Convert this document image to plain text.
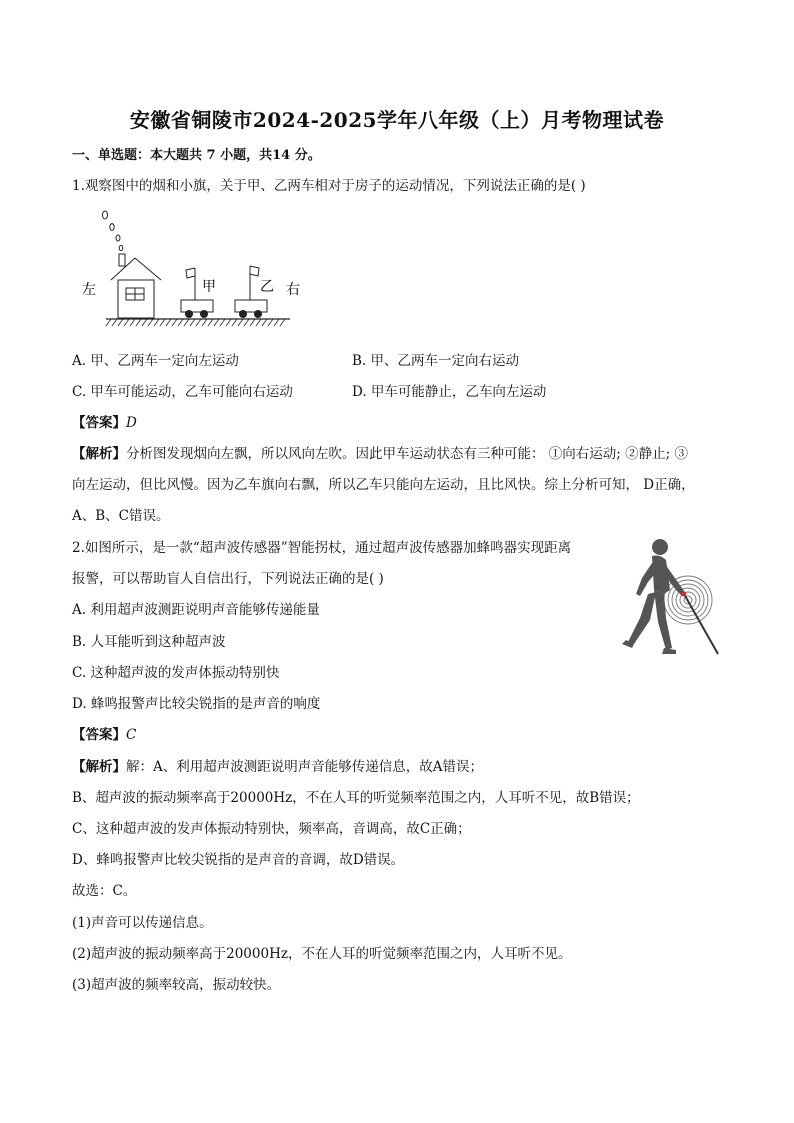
安徽省铜陵市2024-2025学年八年级（上）月考物理试卷
一、单选题：本大题共 7 小题，共14 分。
1.观察图中的烟和小旗，关于甲、乙两车相对于房子的运动情况，下列说法正确的是( )
左	甲	乙 右
A. 甲、乙两车一定向左运动	B. 甲、乙两车一定向右运动
C. 甲车可能运动，乙车可能向右运动	D. 甲车可能静止，乙车向左运动
【答案】D
【解析】分析图发现烟向左飘，所以风向左吹。因此甲车运动状态有三种可能： ①向右运动; ②静止; ③
向左运动，但比风慢。因为乙车旗向右飘，所以乙车只能向左运动，且比风快。综上分析可知， D正确，
A、B、C错误。
2.如图所示，是一款“超声波传感器”智能拐杖，通过超声波传感器加蜂鸣器实现距离
报警，可以帮助盲人自信出行，下列说法正确的是( )
A. 利用超声波测距说明声音能够传递能量
B. 人耳能听到这种超声波
C. 这种超声波的发声体振动特别快
D. 蜂鸣报警声比较尖锐指的是声音的响度
【答案】C
【解析】解：A、利用超声波测距说明声音能够传递信息，故A错误；
B、超声波的振动频率高于20000Hz，不在人耳的听觉频率范围之内，人耳听不见，故B错误；
C、这种超声波的发声体振动特别快，频率高，音调高，故C正确；
D、蜂鸣报警声比较尖锐指的是声音的音调，故D错误。
故选：C。
(1)声音可以传递信息。
(2)超声波的振动频率高于20000Hz，不在人耳的听觉频率范围之内，人耳听不见。
(3)超声波的频率较高，振动较快。
